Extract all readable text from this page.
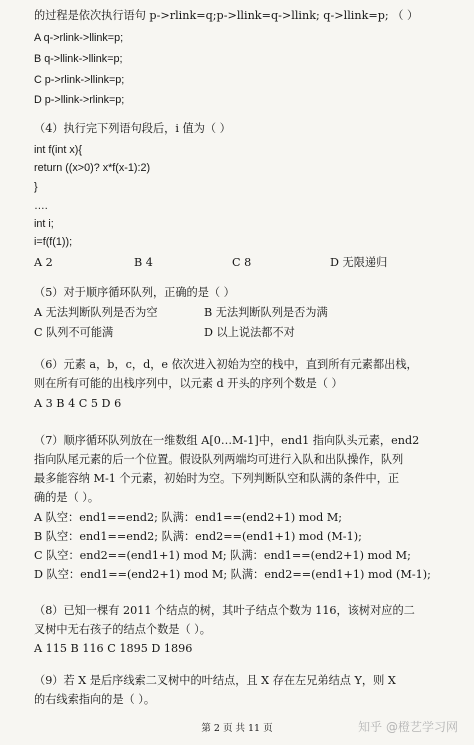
的过程是依次执行语句 p->rlink=q;p->llink=q->llink; q->llink=p; （ ）
A q->rlink->llink=p;
B q->llink->llink=p;
C p->rlink->llink=p;
D p->llink->rlink=p;
（4）执行完下列语句段后，i 值为（ ）
int f(int x){
return ((x>0)? x*f(x-1):2)
}
….
int i;
i=f(f(1));
A 2	B 4	C 8	D 无限递归
（5）对于顺序循环队列，正确的是（ ）
A 无法判断队列是否为空	B 无法判断队列是否为满
C 队列不可能满	D 以上说法都不对
（6）元素 a，b，c，d，e 依次进入初始为空的栈中，直到所有元素都出栈，
则在所有可能的出栈序列中，以元素 d 开头的序列个数是（ ）
A 3 B 4 C 5 D 6
（7）顺序循环队列放在一维数组 A[0…M-1]中，end1 指向队头元素，end2
指向队尾元素的后一个位置。假设队列两端均可进行入队和出队操作，队列
最多能容纳 M-1 个元素，初始时为空。下列判断队空和队满的条件中，正
确的是（ ）。
A 队空：end1==end2; 队满：end1==(end2+1) mod M;
B 队空：end1==end2; 队满：end2==(end1+1) mod (M-1);
C 队空：end2==(end1+1) mod M; 队满：end1==(end2+1) mod M;
D 队空：end1==(end2+1) mod M; 队满：end2==(end1+1) mod (M-1);
（8）已知一棵有 2011 个结点的树，其叶子结点个数为 116，该树对应的二
叉树中无右孩子的结点个数是（ ）。
A 115 B 116 C 1895 D 1896
（9）若 X 是后序线索二叉树中的叶结点，且 X 存在左兄弟结点 Y，则 X
的右线索指向的是（ ）。
第 2 页 共 11 页	知乎 @橙艺学习网
